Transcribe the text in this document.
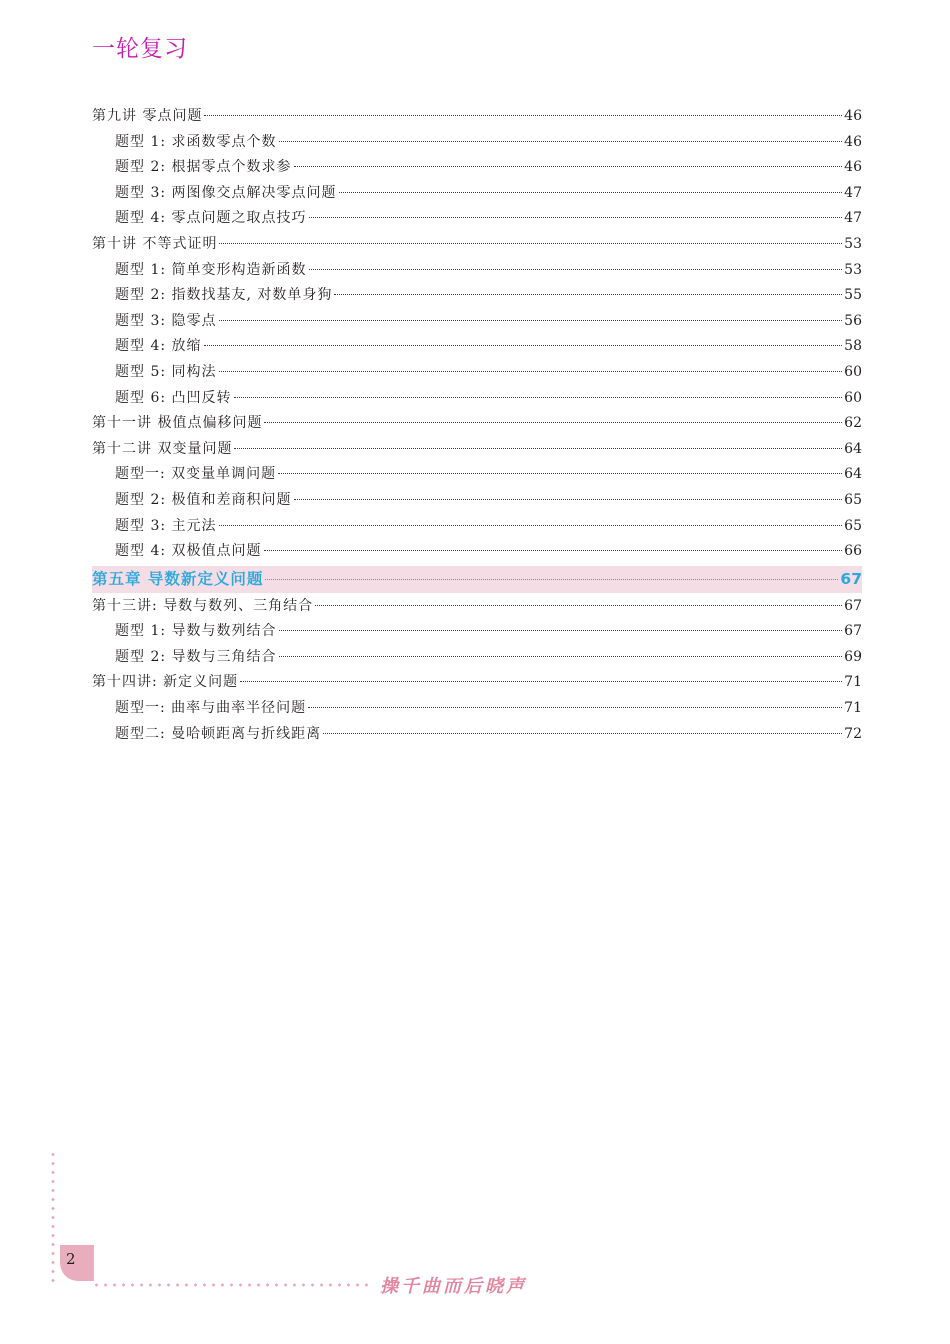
一轮复习
第九讲 零点问题	46
题型 1: 求函数零点个数	46
题型 2: 根据零点个数求参	46
题型 3: 两图像交点解决零点问题	47
题型 4: 零点问题之取点技巧	47
第十讲 不等式证明	53
题型 1: 简单变形构造新函数	53
题型 2: 指数找基友, 对数单身狗	55
题型 3: 隐零点	56
题型 4: 放缩	58
题型 5: 同构法	60
题型 6: 凸凹反转	60
第十一讲 极值点偏移问题	62
第十二讲 双变量问题	64
题型一: 双变量单调问题	64
题型 2: 极值和差商积问题	65
题型 3: 主元法	65
题型 4: 双极值点问题	66
第五章 导数新定义问题	67
第十三讲: 导数与数列、三角结合	67
题型 1: 导数与数列结合	67
题型 2: 导数与三角结合	69
第十四讲: 新定义问题	71
题型一: 曲率与曲率半径问题	71
题型二: 曼哈顿距离与折线距离	72
2
操千曲而后晓声
